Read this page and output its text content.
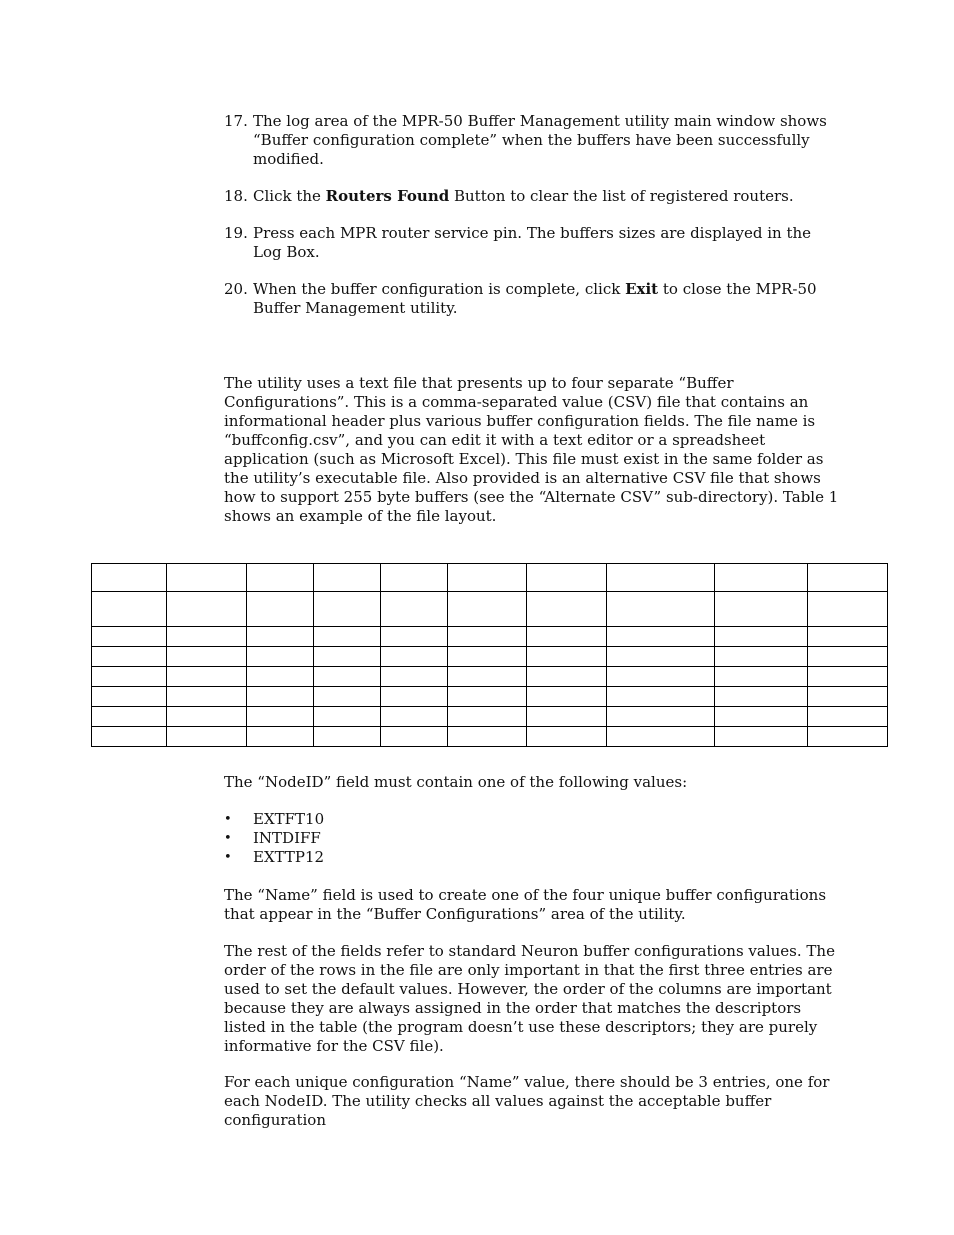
17. The log area of the MPR-50 Buffer Management utility main window shows “Buffer configuration complete” when the buffers have been successfully modified.
18. Click the Routers Found Button to clear the list of registered routers.
19. Press each MPR router service pin. The buffers sizes are displayed in the Log Box.
20. When the buffer configuration is complete, click Exit to close the MPR-50 Buffer Management utility.

The utility uses a text file that presents up to four separate “Buffer Configurations”. This is a comma-separated value (CSV) file that contains an informational header plus various buffer configuration fields. The file name is “buffconfig.csv”, and you can edit it with a text editor or a spreadsheet application (such as Microsoft Excel). This file must exist in the same folder as the utility’s executable file. Also provided is an alternative CSV file that shows how to support 255 byte buffers (see the “Alternate CSV” sub-directory). Table 1 shows an example of the file layout.

The “NodeID” field must contain one of the following values:

•	EXTFT10
•	INTDIFF
•	EXTTP12

The “Name” field is used to create one of the four unique buffer configurations that appear in the “Buffer Configurations” area of the utility.

The rest of the fields refer to standard Neuron buffer configurations values. The order of the rows in the file are only important in that the first three entries are used to set the default values. However, the order of the columns are important because they are always assigned in the order that matches the descriptors listed in the table (the program doesn’t use these descriptors; they are purely informative for the CSV file).

For each unique configuration “Name” value, there should be 3 entries, one for each NodeID. The utility checks all values against the acceptable buffer configuration
